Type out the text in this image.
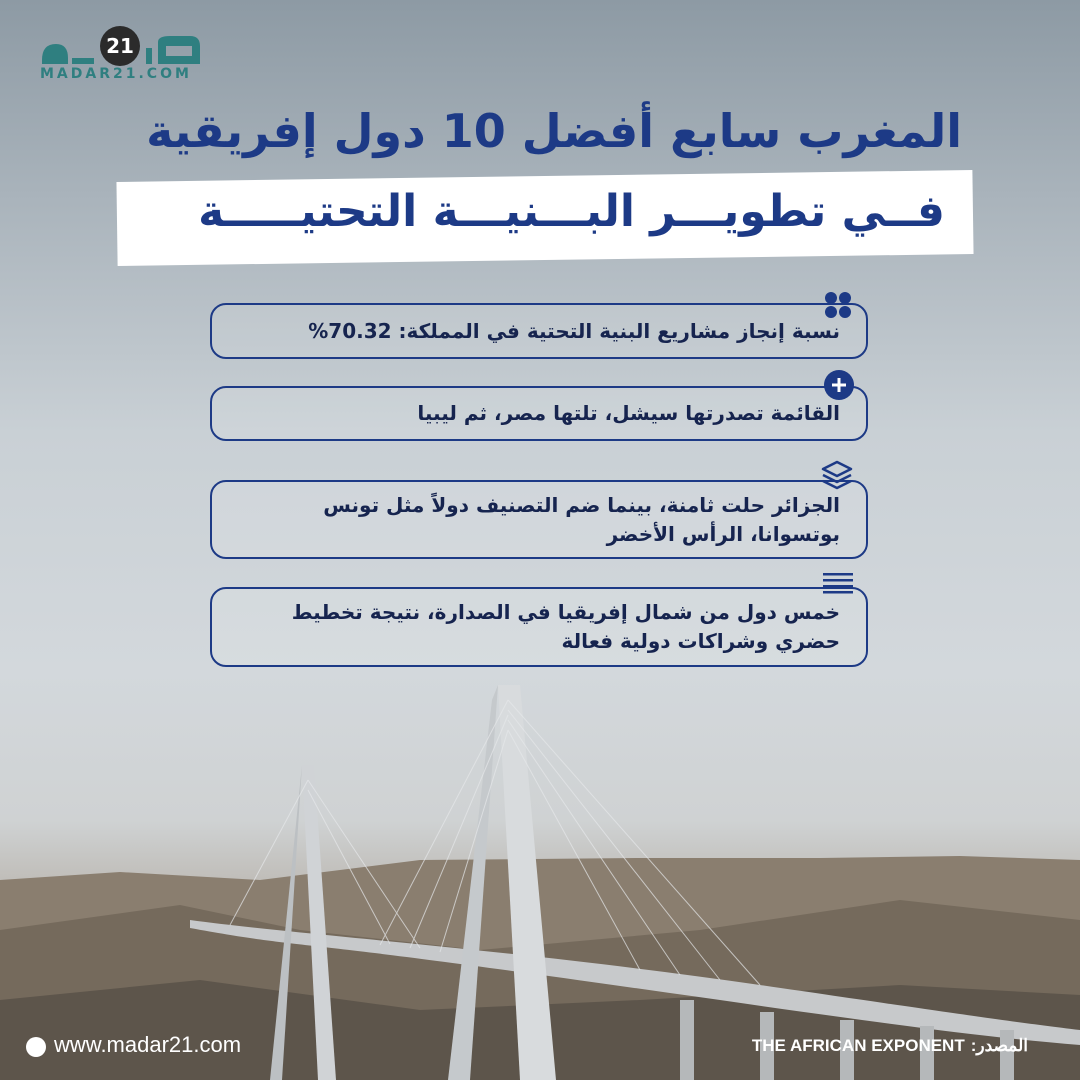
21
MADAR21.COM
المغرب سابع أفضل 10 دول إفريقية
فــي تطويـــر البـــنيـــة التحتيـــــة
نسبة إنجاز مشاريع البنية التحتية في المملكة: 70.32%
القائمة تصدرتها سيشل، تلتها مصر، ثم ليبيا
الجزائر حلت ثامنة، بينما ضم التصنيف دولاً مثل تونس بوتسوانا، الرأس الأخضر
خمس دول من شمال إفريقيا في الصدارة، نتيجة تخطيط حضري وشراكات دولية فعالة
www.madar21.com	المصدر:
THE AFRICAN EXPONENT
